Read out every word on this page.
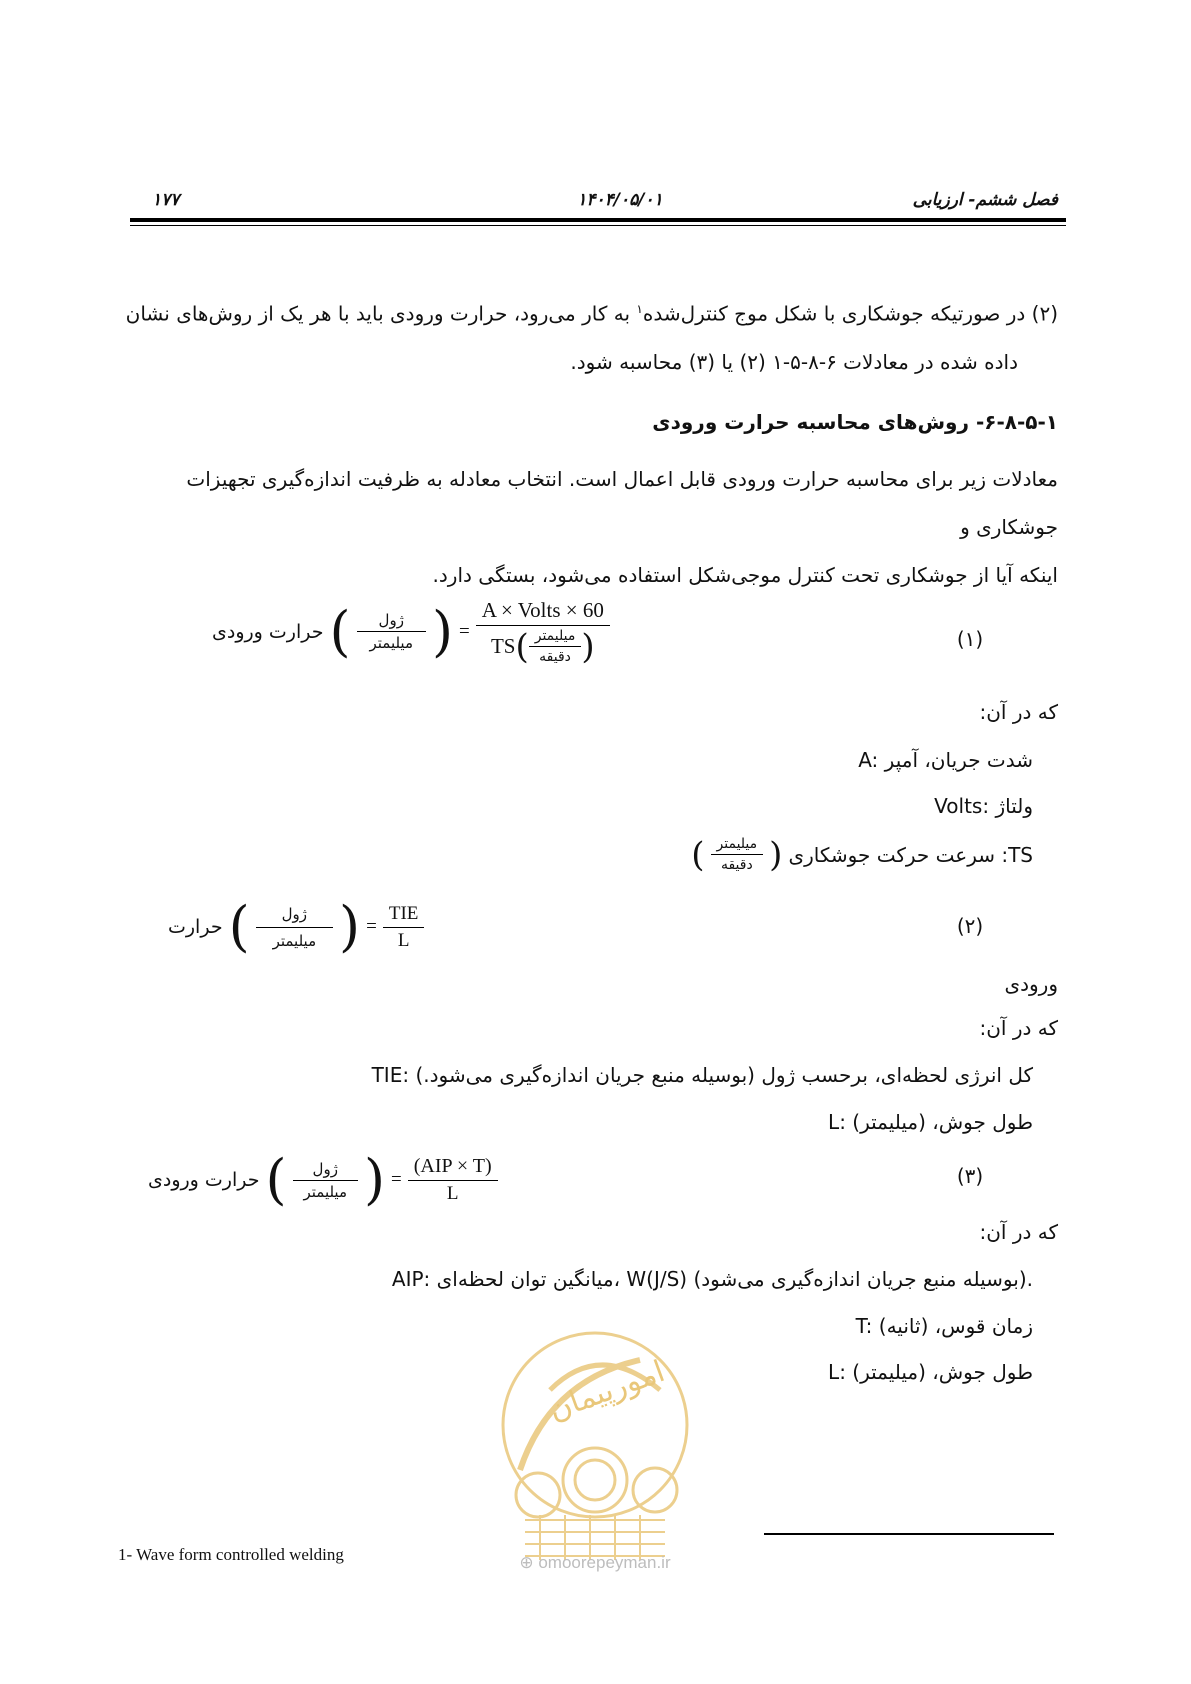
۱۷۷	۱۴۰۴/۰۵/۰۱	فصل ششم- ارزیابی
(۲) در صورتیکه جوشکاری با شکل موج کنترل‌شده$^۱$ به کار می‌رود، حرارت ورودی باید با هر یک از روش‌های نشان
داده شده در معادلات ۶-۸-۵-۱ (۲) یا (۳) محاسبه شود.
۶-۸-۵-۱- روش‌های محاسبه حرارت ورودی
معادلات زیر برای محاسبه حرارت ورودی قابل اعمال است. انتخاب معادله به ظرفیت اندازه‌گیری تجهیزات جوشکاری و
اینکه آیا از جوشکاری تحت کنترل موجی‌شکل استفاده می‌شود، بستگی دارد.
حرارت ورودی ( $\frac{\text{ژول}}{\text{میلیمتر}}$ ) =
A × Volts × 60
TS ( $\frac{\text{میلیمتر}}{\text{دقیقه}}$ )	(۱)
که در آن:
A: شدت جریان، آمپر
Volts: ولتاژ
TS: سرعت حرکت جوشکاری
(
$\frac{\text{میلیمتر}}{\text{دقیقه}}$
)
حرارت ( $\frac{\text{ژول}}{\text{میلیمتر}}$ ) = $\frac{\text{TIE}}{L}$	(۲)
ورودی
که در آن:
TIE: کل انرژی لحظه‌ای، برحسب ژول (بوسیله منبع جریان اندازه‌گیری می‌شود.)
L: طول جوش، (میلیمتر)
حرارت ورودی ( $\frac{\text{ژول}}{\text{میلیمتر}}$ ) = $\frac{\text{(AIP × T)}}{L}$	(۳)
که در آن:
AIP: میانگین توان لحظه‌ای، W(J/S) (بوسیله منبع جریان اندازه‌گیری می‌شود).
T: زمان قوس، (ثانیه)
L: طول جوش، (میلیمتر)
امورپیمان
⊕ omoorepeyman.ir
1- Wave form controlled welding
